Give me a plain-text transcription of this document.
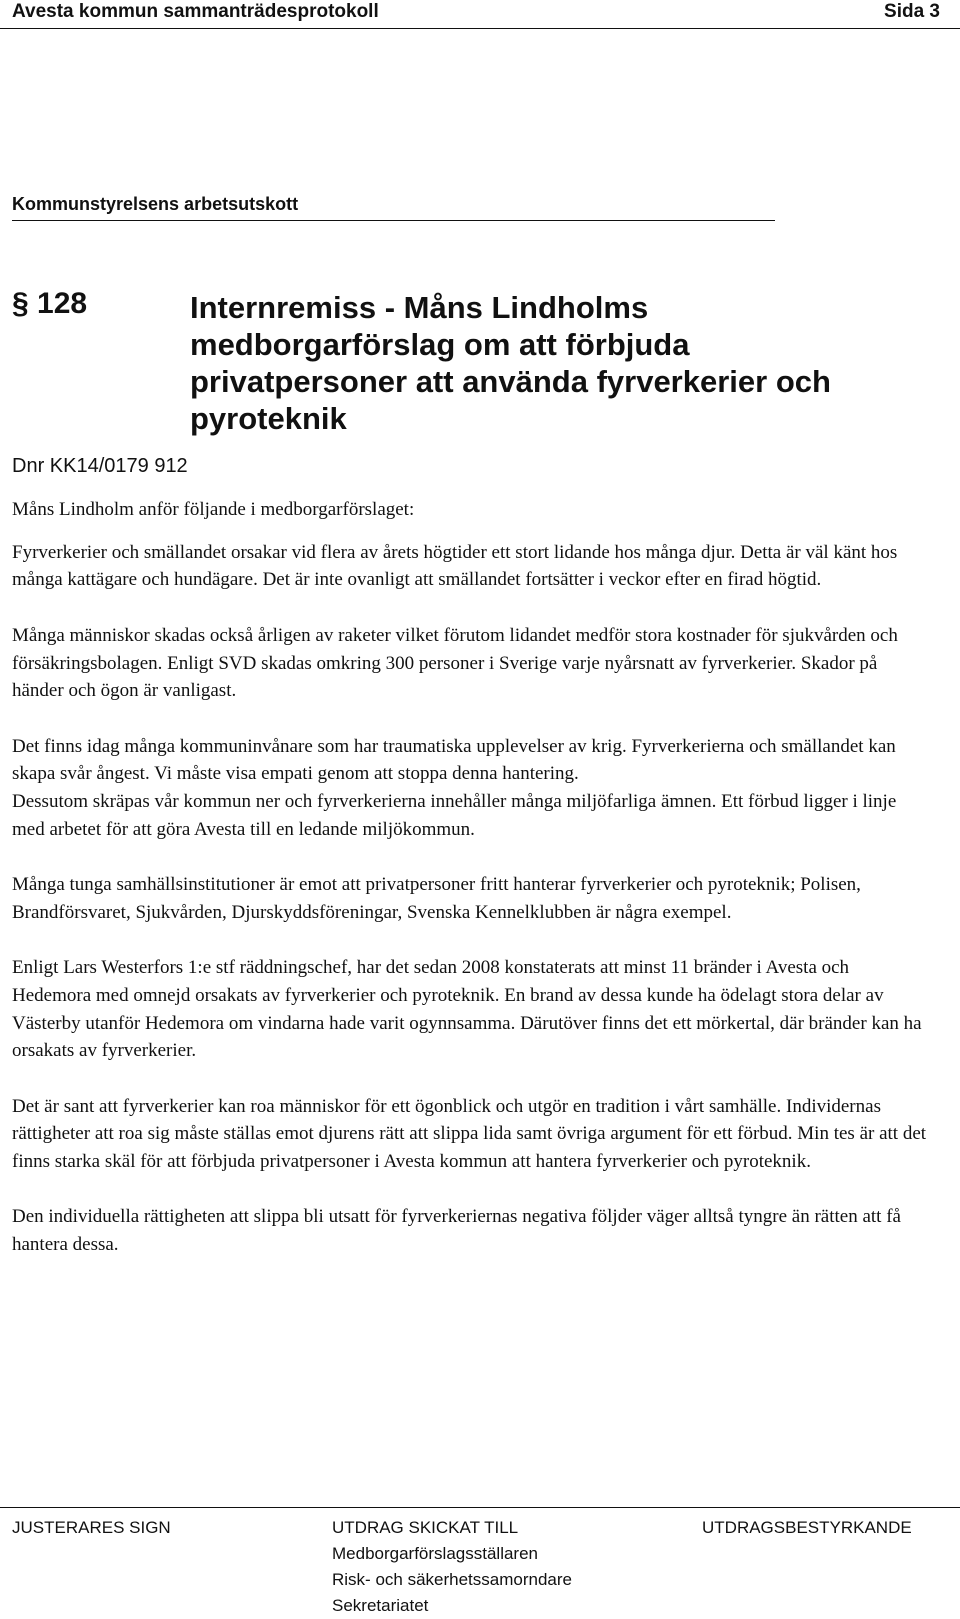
Avesta kommun sammanträdesprotokoll	Sida 3
Kommunstyrelsens arbetsutskott
§ 128	Internremiss - Måns Lindholms medborgarförslag om att förbjuda privatpersoner att använda fyrverkerier och pyroteknik
Dnr KK14/0179 912

Måns Lindholm anför följande i medborgarförslaget:

Fyrverkerier och smällandet orsakar vid flera av årets högtider ett stort lidande hos många djur. Detta är väl känt hos många kattägare och hundägare. Det är inte ovanligt att smällandet fortsätter i veckor efter en firad högtid.

Många människor skadas också årligen av raketer vilket förutom lidandet medför stora kostnader för sjukvården och försäkringsbolagen. Enligt SVD skadas omkring 300 personer i Sverige varje nyårsnatt av fyrverkerier. Skador på händer och ögon är vanligast.

Det finns idag många kommuninvånare som har traumatiska upplevelser av krig. Fyrverkerierna och smällandet kan skapa svår ångest. Vi måste visa empati genom att stoppa denna hantering.
Dessutom skräpas vår kommun ner och fyrverkerierna innehåller många miljöfarliga ämnen. Ett förbud ligger i linje med arbetet för att göra Avesta till en ledande miljökommun.

Många tunga samhällsinstitutioner är emot att privatpersoner fritt hanterar fyrverkerier och pyroteknik; Polisen, Brandförsvaret, Sjukvården, Djurskyddsföreningar, Svenska Kennelklubben är några exempel.

Enligt Lars Westerfors 1:e stf räddningschef, har det sedan 2008 konstaterats att minst 11 bränder i Avesta och Hedemora med omnejd orsakats av fyrverkerier och pyroteknik. En brand av dessa kunde ha ödelagt stora delar av Västerby utanför Hedemora om vindarna hade varit ogynnsamma. Därutöver finns det ett mörkertal, där bränder kan ha orsakats av fyrverkerier.

Det är sant att fyrverkerier kan roa människor för ett ögonblick och utgör en tradition i vårt samhälle. Individernas rättigheter att roa sig måste ställas emot djurens rätt att slippa lida samt övriga argument för ett förbud. Min tes är att det finns starka skäl för att förbjuda privatpersoner i Avesta kommun att hantera fyrverkerier och pyroteknik.

Den individuella rättigheten att slippa bli utsatt för fyrverkeriernas negativa följder väger alltså tyngre än rätten att få hantera dessa.

JUSTERARES SIGN	UTDRAG SKICKAT TILL
Medborgarförslagsställaren
Risk- och säkerhetssamorndare
Sekretariatet
UTDRAGSBESTYRKANDE
